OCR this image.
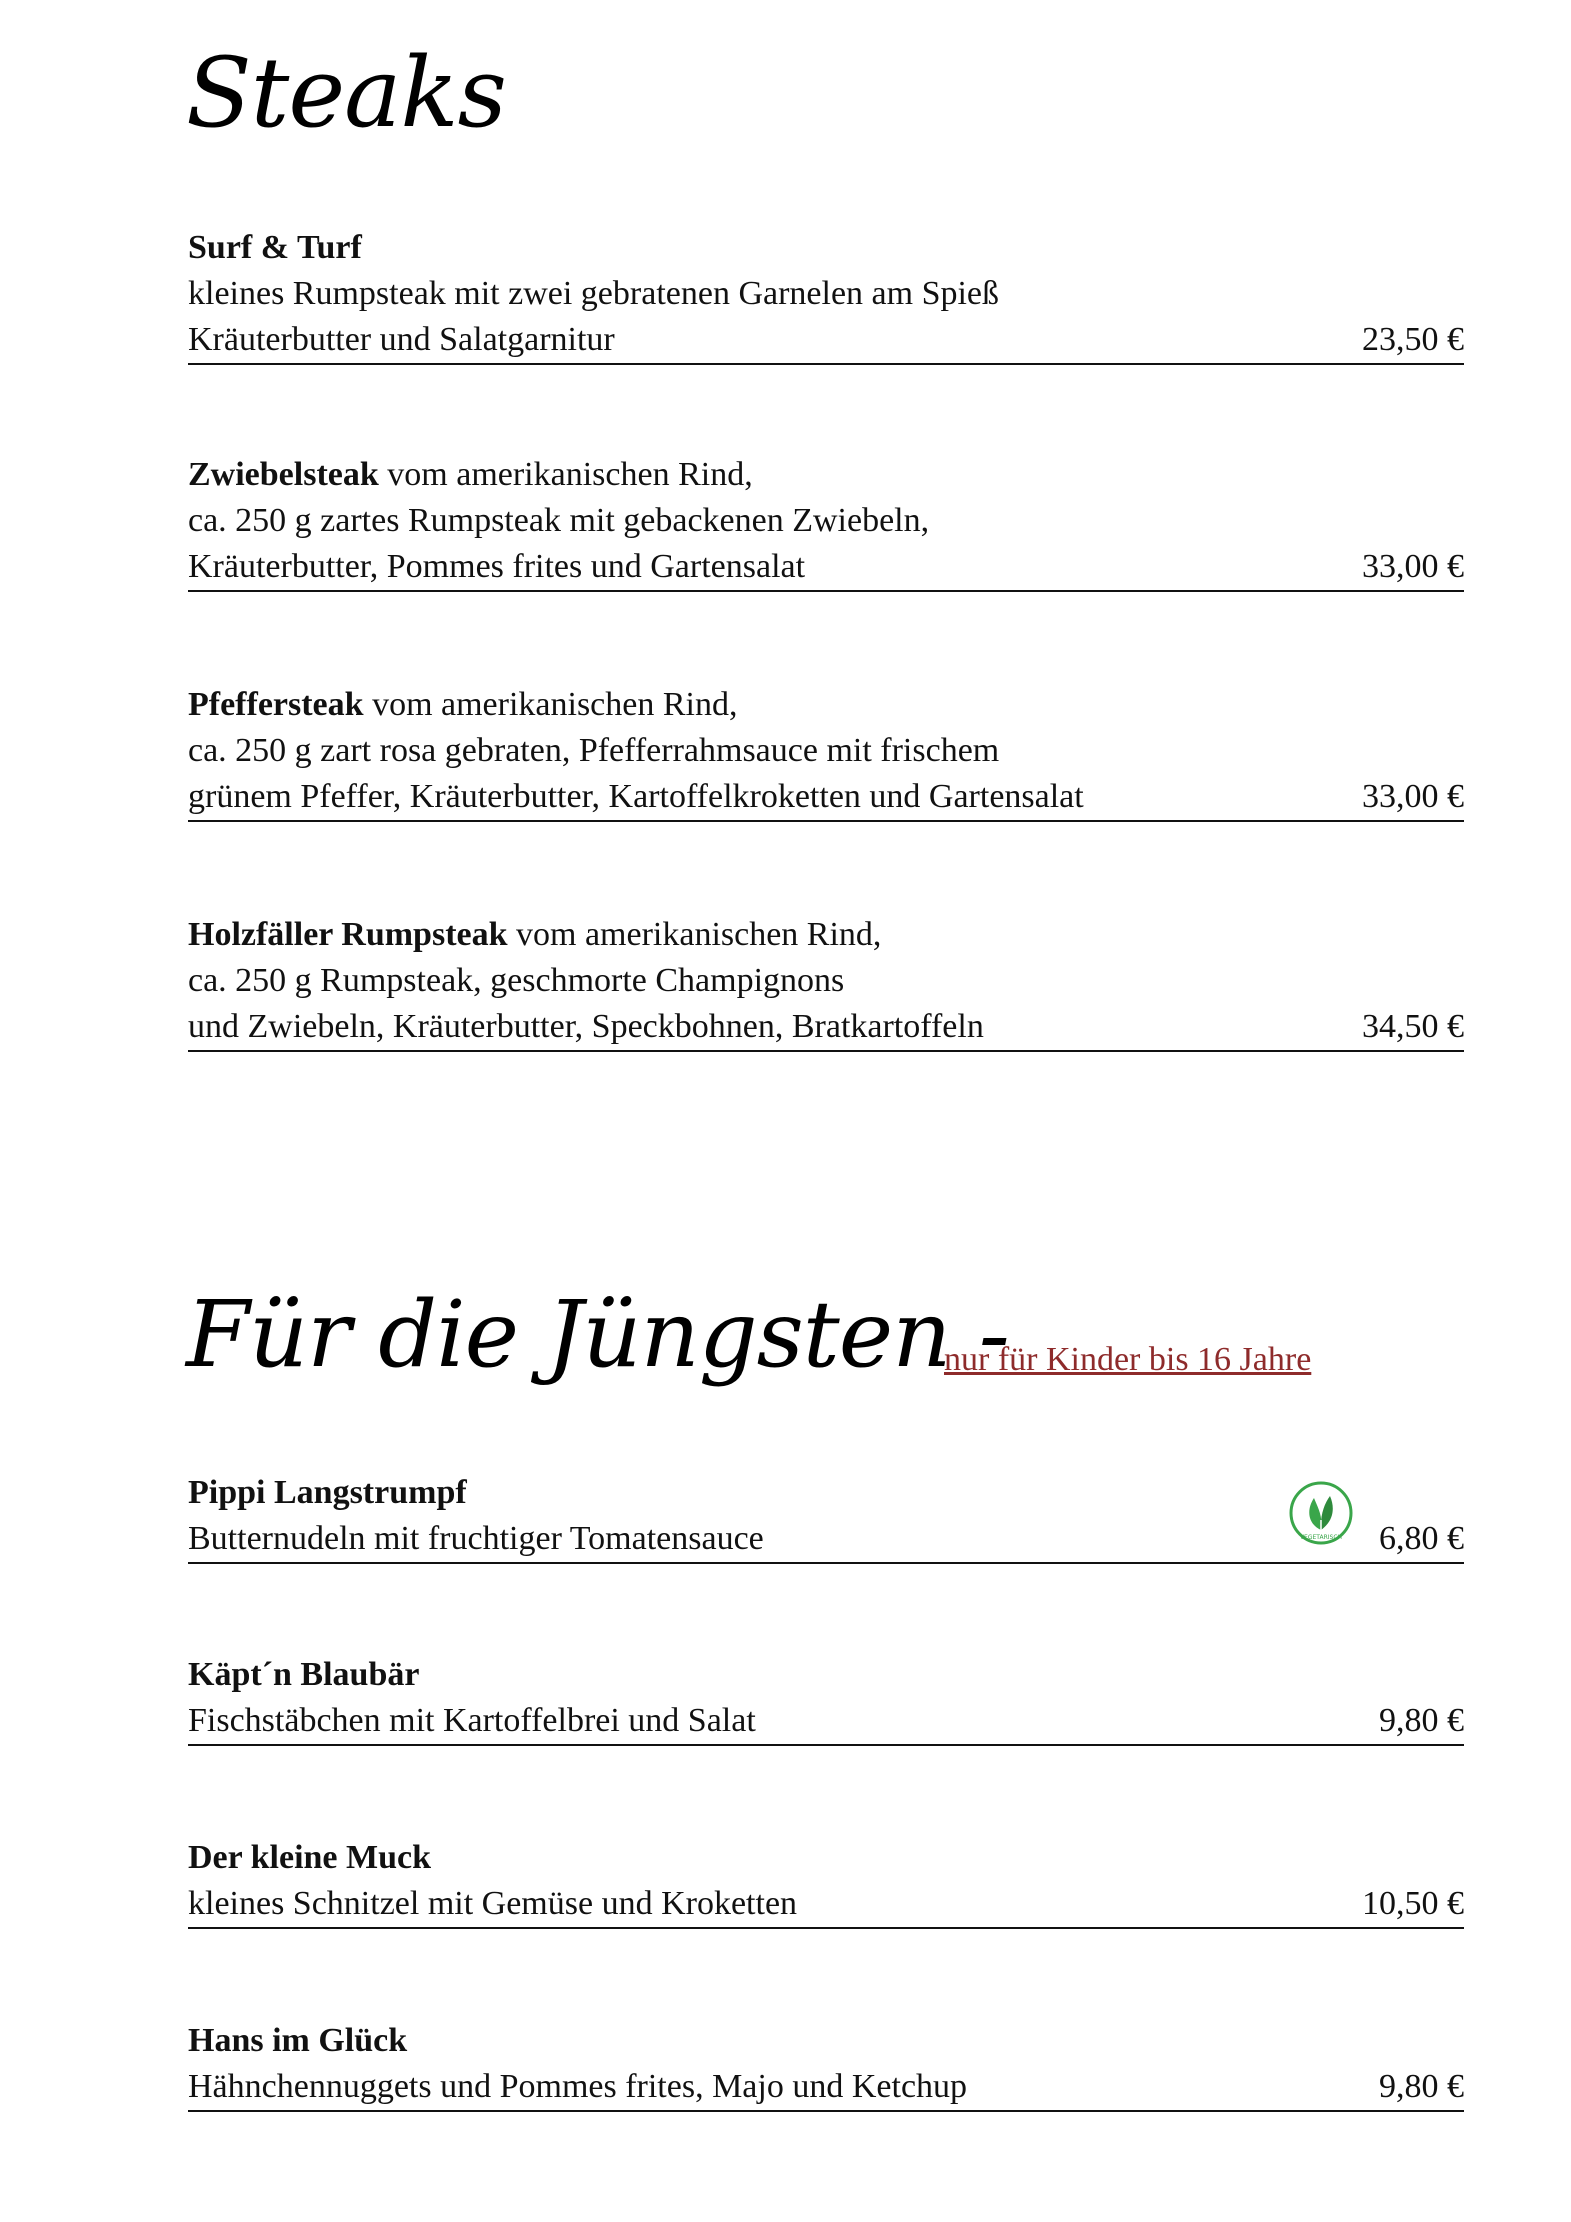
Steaks
Surf & Turf
kleines Rumpsteak mit zwei gebratenen Garnelen am Spieß
Kräuterbutter und Salatgarnitur	23,50 €
Zwiebelsteak vom amerikanischen Rind,
ca. 250 g zartes Rumpsteak mit gebackenen Zwiebeln,
Kräuterbutter, Pommes frites und Gartensalat	33,00 €
Pfeffersteak vom amerikanischen Rind,
ca. 250 g zart rosa gebraten, Pfefferrahmsauce mit frischem
grünem Pfeffer, Kräuterbutter, Kartoffelkroketten und Gartensalat	33,00 €
Holzfäller Rumpsteak vom amerikanischen Rind,
ca. 250 g Rumpsteak, geschmorte Champignons
und Zwiebeln, Kräuterbutter, Speckbohnen, Bratkartoffeln	34,50 €
Für die Jüngsten -
nur für Kinder bis 16 Jahre
Pippi Langstrumpf
Butternudeln mit fruchtiger Tomatensauce	6,80 €
VEGETARISCH
Käpt´n Blaubär
Fischstäbchen mit Kartoffelbrei und Salat	9,80 €
Der kleine Muck
kleines Schnitzel mit Gemüse und Kroketten	10,50 €
Hans im Glück
Hähnchennuggets und Pommes frites, Majo und Ketchup	9,80 €
